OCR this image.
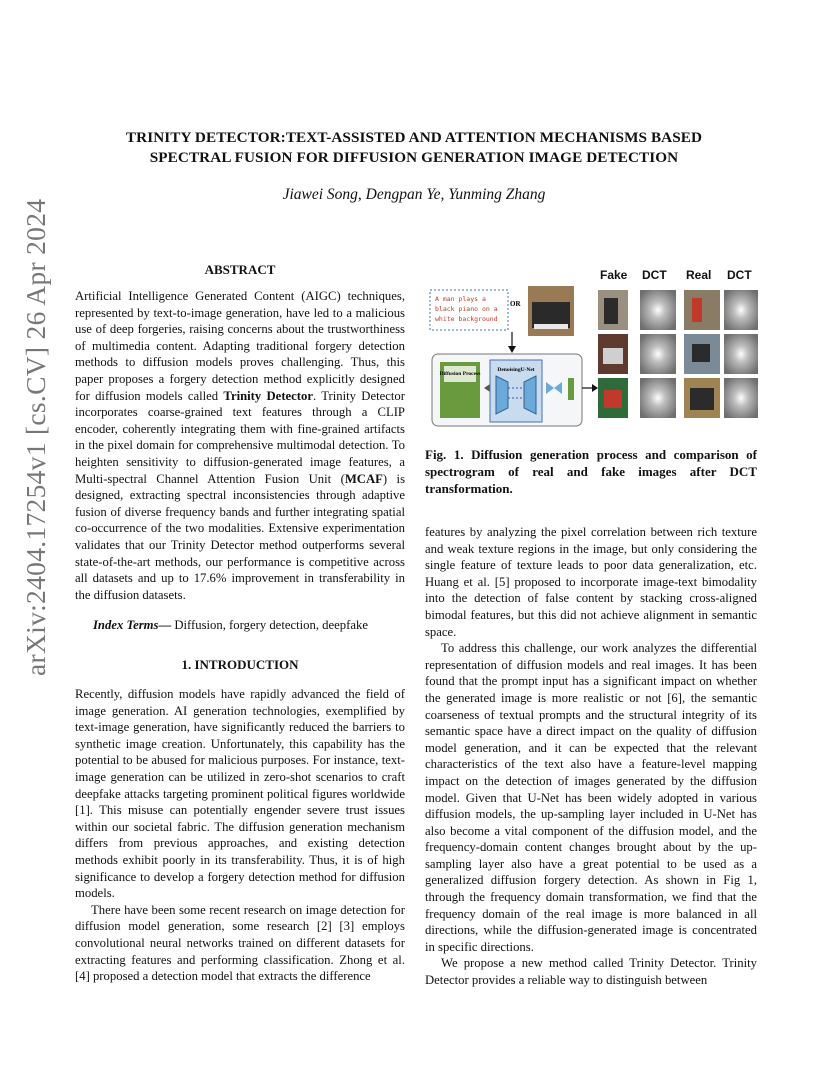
arXiv:2404.17254v1 [cs.CV] 26 Apr 2024
TRINITY DETECTOR:TEXT-ASSISTED AND ATTENTION MECHANISMS BASED
SPECTRAL FUSION FOR DIFFUSION GENERATION IMAGE DETECTION
Jiawei Song, Dengpan Ye, Yunming Zhang
ABSTRACT

Artificial Intelligence Generated Content (AIGC) techniques, represented by text-to-image generation, have led to a malicious use of deep forgeries, raising concerns about the trustworthiness of multimedia content. Adapting traditional forgery detection methods to diffusion models proves challenging. Thus, this paper proposes a forgery detection method explicitly designed for diffusion models called Trinity Detector. Trinity Detector incorporates coarse-grained text features through a CLIP encoder, coherently integrating them with fine-grained artifacts in the pixel domain for comprehensive multimodal detection. To heighten sensitivity to diffusion-generated image features, a Multi-spectral Channel Attention Fusion Unit (MCAF) is designed, extracting spectral inconsistencies through adaptive fusion of diverse frequency bands and further integrating spatial co-occurrence of the two modalities. Extensive experimentation validates that our Trinity Detector method outperforms several state-of-the-art methods, our performance is competitive across all datasets and up to 17.6% improvement in transferability in the diffusion datasets.

Index Terms— Diffusion, forgery detection, deepfake
1. INTRODUCTION

Recently, diffusion models have rapidly advanced the field of image generation. AI generation technologies, exemplified by text-image generation, have significantly reduced the barriers to synthetic image creation. Unfortunately, this capability has the potential to be abused for malicious purposes. For instance, text-image generation can be utilized in zero-shot scenarios to craft deepfake attacks targeting prominent political figures worldwide [1]. This misuse can potentially engender severe trust issues within our societal fabric. The diffusion generation mechanism differs from previous approaches, and existing detection methods exhibit poorly in its transferability. Thus, it is of high significance to develop a forgery detection method for diffusion models.

There have been some recent research on image detection for diffusion model generation, some research [2] [3] employs convolutional neural networks trained on different datasets for extracting features and performing classification. Zhong et al. [4] proposed a detection model that extracts the difference

Fake DCT Real DCT
A man plays a
black piano on a
white background
OR
Diffusion Process
DenoisingU-Net
Fig. 1. Diffusion generation process and comparison of spectrogram of real and fake images after DCT transformation.

features by analyzing the pixel correlation between rich texture and weak texture regions in the image, but only considering the single feature of texture leads to poor data generalization, etc. Huang et al. [5] proposed to incorporate image-text bimodality into the detection of false content by stacking cross-aligned bimodal features, but this did not achieve alignment in semantic space.

To address this challenge, our work analyzes the differential representation of diffusion models and real images. It has been found that the prompt input has a significant impact on whether the generated image is more realistic or not [6], the semantic coarseness of textual prompts and the structural integrity of its semantic space have a direct impact on the quality of diffusion model generation, and it can be expected that the relevant characteristics of the text also have a feature-level mapping impact on the detection of images generated by the diffusion model. Given that U-Net has been widely adopted in various diffusion models, the up-sampling layer included in U-Net has also become a vital component of the diffusion model, and the frequency-domain content changes brought about by the up-sampling layer also have a great potential to be used as a generalized diffusion forgery detection. As shown in Fig 1, through the frequency domain transformation, we find that the frequency domain of the real image is more balanced in all directions, while the diffusion-generated image is concentrated in specific directions.

We propose a new method called Trinity Detector. Trinity Detector provides a reliable way to distinguish between
